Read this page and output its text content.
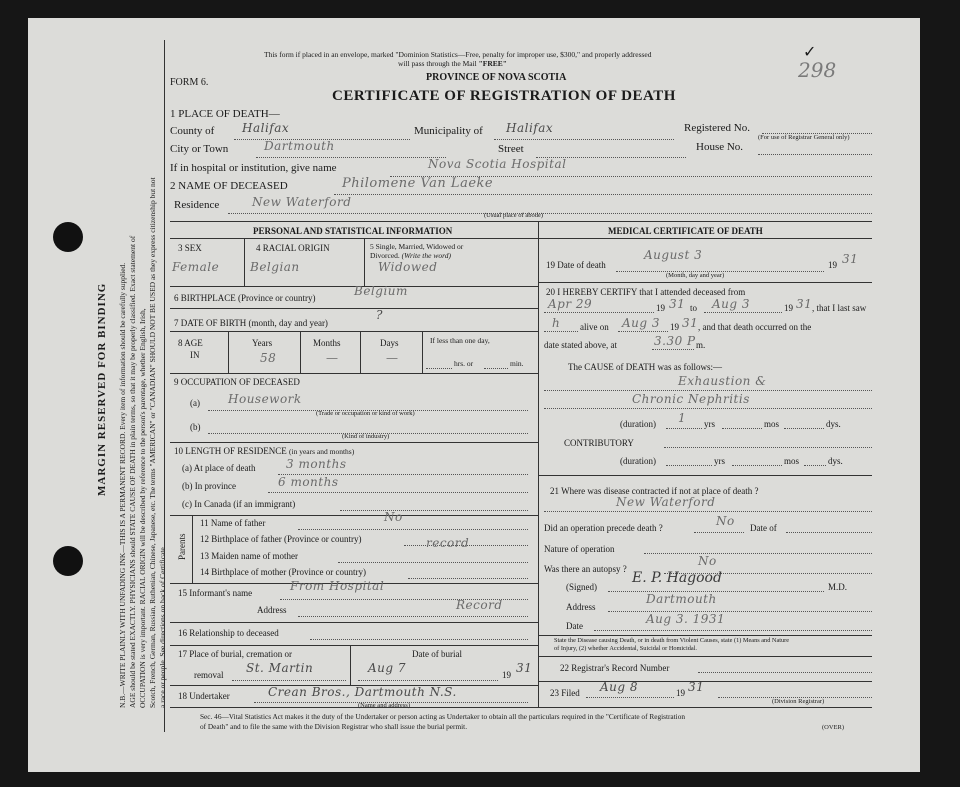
MARGIN RESERVED FOR BINDING N.B.—WRITE PLAINLY WITH UNFADING INK—THIS IS A PERMANENT RECORD. Every item of information should be carefully supplied. AGE should be stated EXACTLY. PHYSICIANS should STATE CAUSE OF DEATH in plain terms, so that it may be properly classified. Exact statement of OCCUPATION is very important. RACIAL ORIGIN will be described by reference to the person's parentage, whether English, Irish, Scotch, French, German, Russian, Ruthenian, Chinese, Japanese, etc. The terms "AMERICAN" or "CANADIAN" SHOULD NOT BE USED as they express citizenship but not a race or people. See directions on back of Certificate.
This form if placed in an envelope, marked "Dominion Statistics—Free, penalty for improper use, $300," and properly addressed
will pass through the Mail "FREE"
✓
298
PROVINCE OF NOVA SCOTIA
FORM 6.
CERTIFICATE OF REGISTRATION OF DEATH
1 PLACE OF DEATH—
County of Halifax	Municipality of Halifax	Registered No.
(For use of Registrar General only)
City or Town	Dartmouth	Street	House No.
If in hospital or institution, give name	Nova Scotia Hospital
2 NAME OF DECEASED	Philomene Van Laeke
Residence	New Waterford
(Usual place of abode)
PERSONAL AND STATISTICAL INFORMATION
3 SEX
Female
4 RACIAL ORIGIN
Belgian
5 Single, Married, Widowed or
Divorced. (Write the word)
Widowed
6 BIRTHPLACE (Province or country)	Belgium
7 DATE OF BIRTH (month, day and year)
?
8 AGE
IN
Years
58
Months
—
Days
—
If less than one day,
hrs. or	min.
9 OCCUPATION OF DECEASED
(a) Housework
(Trade or occupation or kind of work)
(b)
(Kind of industry)
10 LENGTH OF RESIDENCE (in years and months)
(a) At place of death	3 months
(b) In province	6 months
(c) In Canada (if an immigrant)
Parents
11 Name of father	No
12 Birthplace of father (Province or country)	record
13 Maiden name of mother
14 Birthplace of mother (Province or country)
15 Informant's name	From Hospital
Address	Record
16 Relationship to deceased
17 Place of burial, cremation or
removal St. Martin
Date of burial
Aug 7	19 31
18 Undertaker	Crean Bros., Dartmouth N.S.
(Name and address)
MEDICAL CERTIFICATE OF DEATH
19 Date of death
August 3
(Month, day and year)
19 31
20 I HEREBY CERTIFY that I attended deceased from
Apr 29	19 31 to Aug 3	19 31 , that I last saw
h alive on Aug 3 19 31 , and that death occurred on the
date stated above, at	3.30 P m.
The CAUSE of DEATH was as follows:—
Exhaustion &
Chronic Nephritis
(duration) 1 yrs	mos	dys.
CONTRIBUTORY
(duration)	yrs	mos	dys.
21 Where was disease contracted if not at place of death ?
New Waterford
Did an operation precede death ?	No Date of
Nature of operation
Was there an autopsy ?
No
(Signed)
E. P. Hagood
M.D.
Address
Dartmouth
Date	Aug 3. 1931
State the Disease causing Death, or in death from Violent Causes, state (1) Means and Nature
of Injury, (2) whether Accidental, Suicidal or Homicidal.
22 Registrar's Record Number
23 Filed Aug 8	19 31
(Division Registrar)
Sec. 46—Vital Statistics Act makes it the duty of the Undertaker or person acting as Undertaker to obtain all the particulars required in the "Certificate of Registration
of Death" and to file the same with the Division Registrar who shall issue the burial permit.	(OVER)
